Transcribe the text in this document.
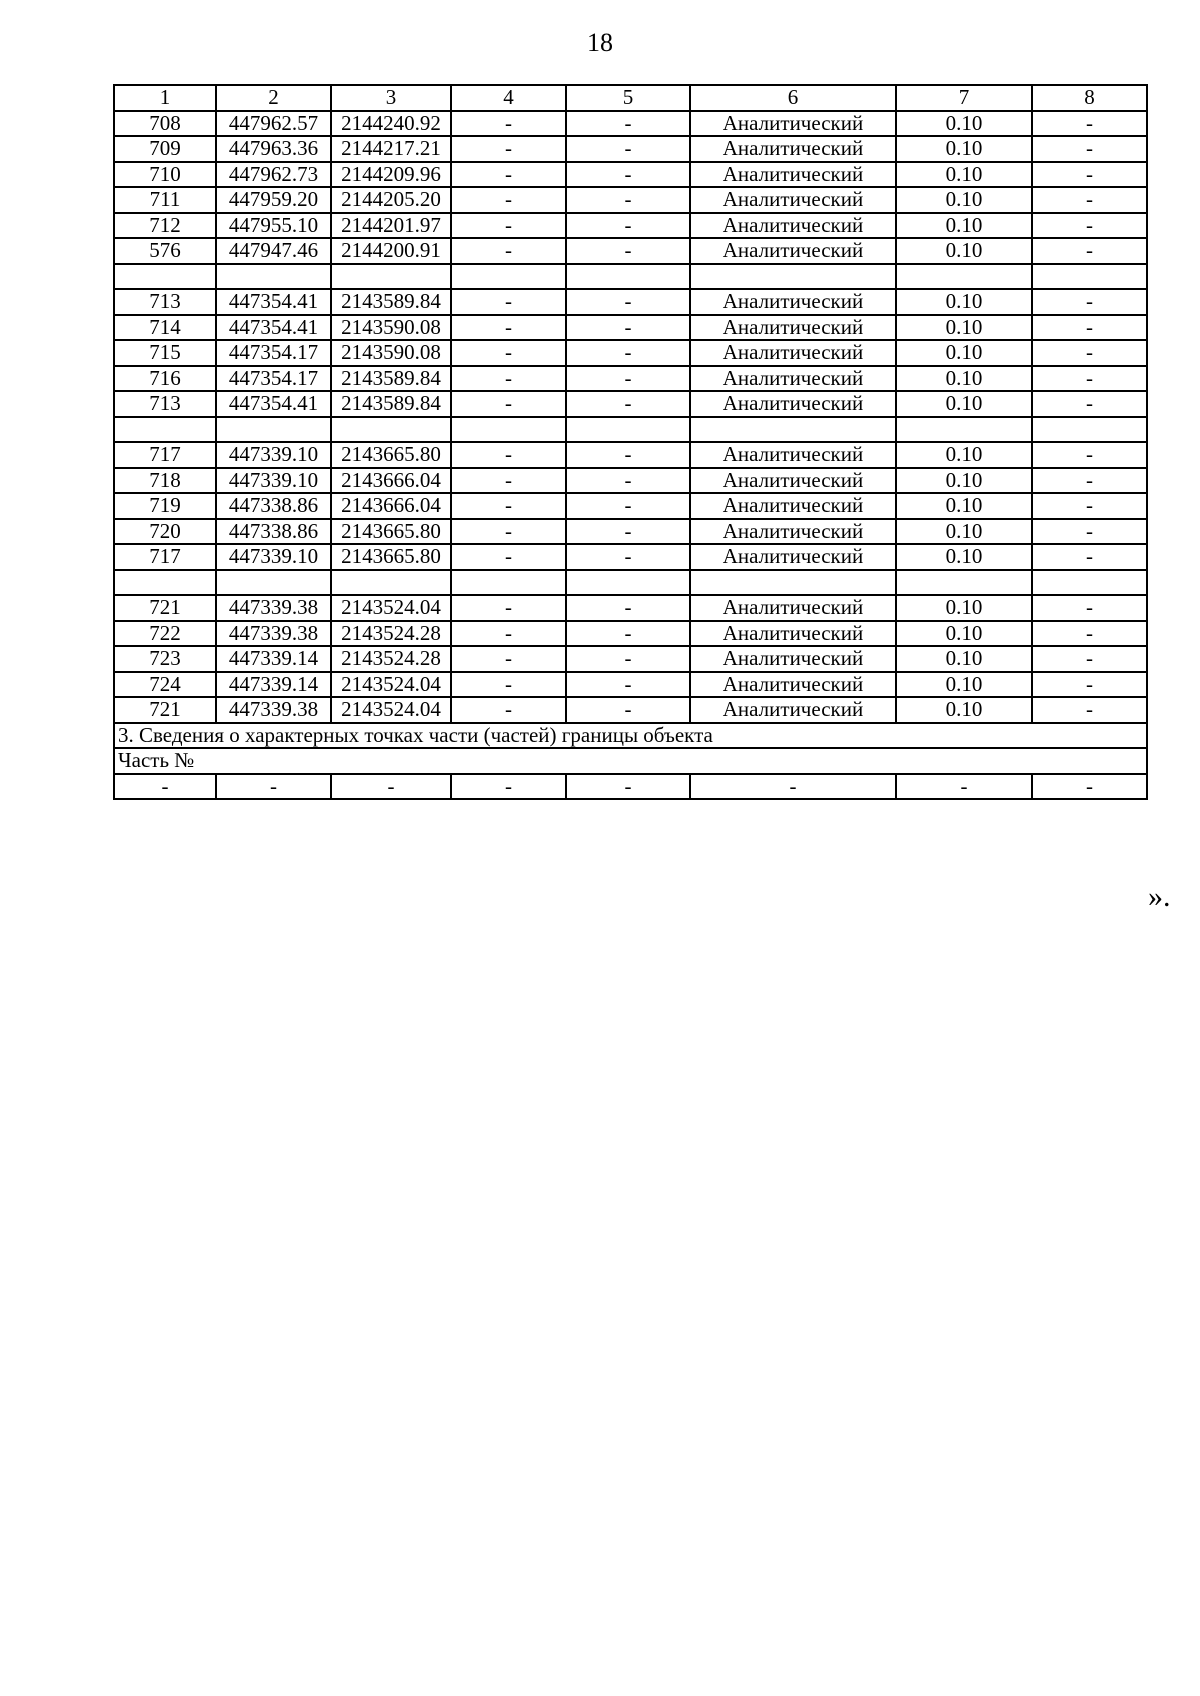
18
1	2	3	4	5	6	7	8
708	447962.57	2144240.92	-	-	Аналитический	0.10	-
709	447963.36	2144217.21	-	-	Аналитический	0.10	-
710	447962.73	2144209.96	-	-	Аналитический	0.10	-
711	447959.20	2144205.20	-	-	Аналитический	0.10	-
712	447955.10	2144201.97	-	-	Аналитический	0.10	-
576	447947.46	2144200.91	-	-	Аналитический	0.10	-

713	447354.41	2143589.84	-	-	Аналитический	0.10	-
714	447354.41	2143590.08	-	-	Аналитический	0.10	-
715	447354.17	2143590.08	-	-	Аналитический	0.10	-
716	447354.17	2143589.84	-	-	Аналитический	0.10	-
713	447354.41	2143589.84	-	-	Аналитический	0.10	-

717	447339.10	2143665.80	-	-	Аналитический	0.10	-
718	447339.10	2143666.04	-	-	Аналитический	0.10	-
719	447338.86	2143666.04	-	-	Аналитический	0.10	-
720	447338.86	2143665.80	-	-	Аналитический	0.10	-
717	447339.10	2143665.80	-	-	Аналитический	0.10	-

721	447339.38	2143524.04	-	-	Аналитический	0.10	-
722	447339.38	2143524.28	-	-	Аналитический	0.10	-
723	447339.14	2143524.28	-	-	Аналитический	0.10	-
724	447339.14	2143524.04	-	-	Аналитический	0.10	-
721	447339.38	2143524.04	-	-	Аналитический	0.10	-
3. Сведения о характерных точках части (частей) границы объекта							
Часть №							
-	-	-	-	-	-	-	-
».
